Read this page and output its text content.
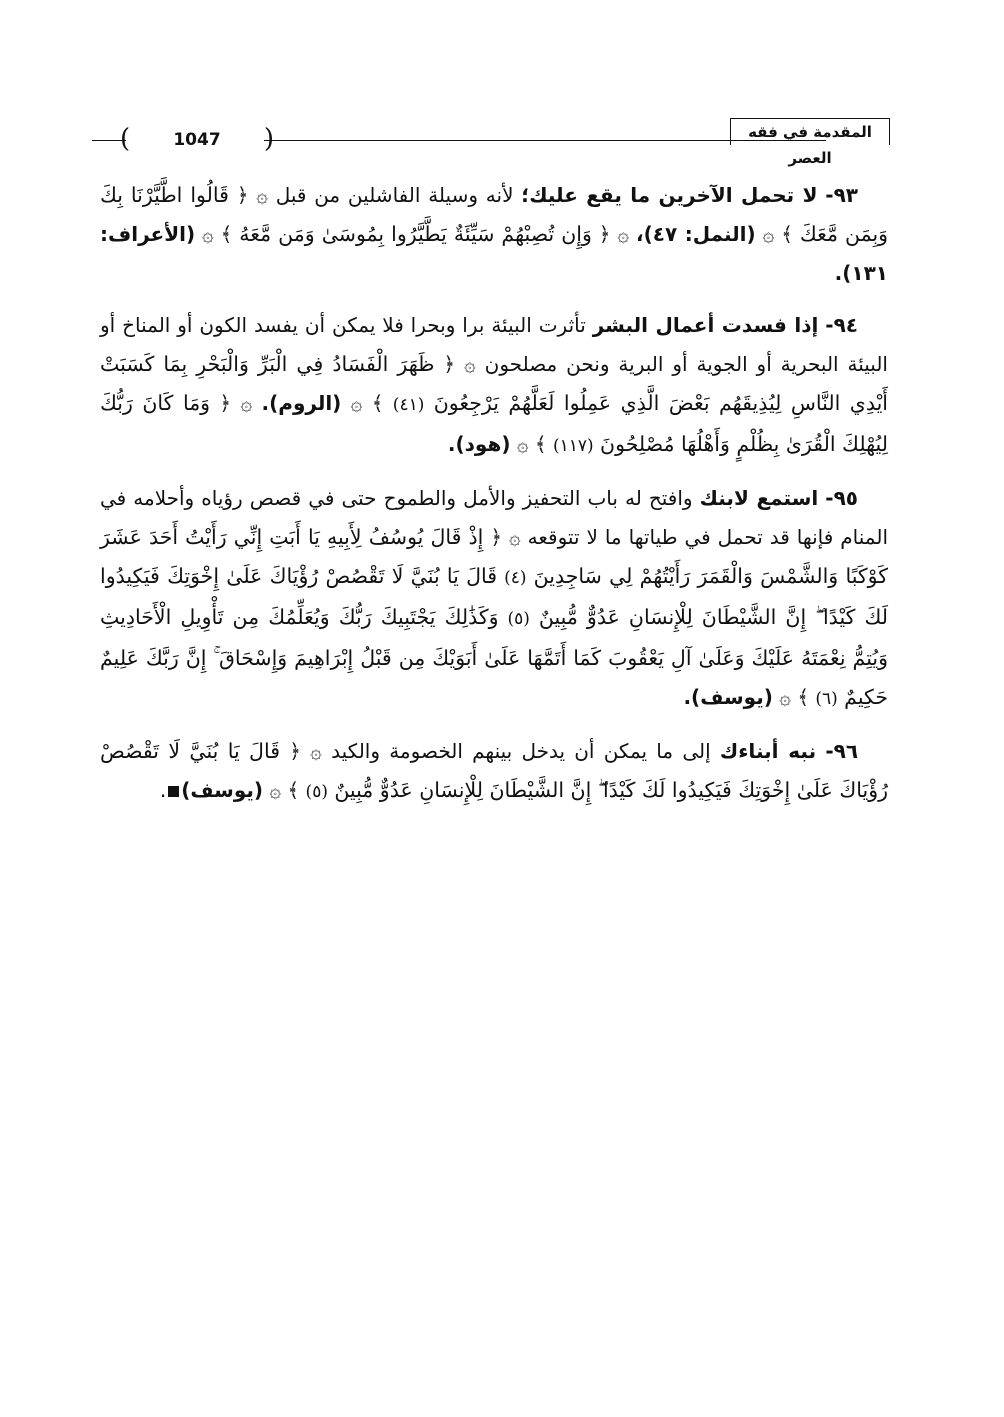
(	1047	)	المقدمة في فقه العصر

٩٣- لا تحمل الآخرين ما يقع عليك؛ لأنه وسيلة الفاشلين من قبل ۞ ﴿ قَالُوا اطَّيَّرْنَا بِكَ وَبِمَن مَّعَكَ ﴾ ۞ (النمل: ٤٧)، ۞ ﴿ وَإِن تُصِبْهُمْ سَيِّئَةٌ يَطَّيَّرُوا بِمُوسَىٰ وَمَن مَّعَهُ ﴾ ۞ (الأعراف: ١٣١).

٩٤- إذا فسدت أعمال البشر تأثرت البيئة برا وبحرا فلا يمكن أن يفسد الكون أو المناخ أو البيئة البحرية أو الجوية أو البرية ونحن مصلحون ۞ ﴿ ظَهَرَ الْفَسَادُ فِي الْبَرِّ وَالْبَحْرِ بِمَا كَسَبَتْ أَيْدِي النَّاسِ لِيُذِيقَهُم بَعْضَ الَّذِي عَمِلُوا لَعَلَّهُمْ يَرْجِعُونَ (٤١) ﴾ ۞ (الروم). ۞ ﴿ وَمَا كَانَ رَبُّكَ لِيُهْلِكَ الْقُرَىٰ بِظُلْمٍ وَأَهْلُهَا مُصْلِحُونَ (١١٧) ﴾ ۞ (هود).

٩٥- استمع لابنك وافتح له باب التحفيز والأمل والطموح حتى في قصص رؤياه وأحلامه في المنام فإنها قد تحمل في طياتها ما لا تتوقعه ۞ ﴿ إِذْ قَالَ يُوسُفُ لِأَبِيهِ يَا أَبَتِ إِنِّي رَأَيْتُ أَحَدَ عَشَرَ كَوْكَبًا وَالشَّمْسَ وَالْقَمَرَ رَأَيْتُهُمْ لِي سَاجِدِينَ (٤) قَالَ يَا بُنَيَّ لَا تَقْصُصْ رُؤْيَاكَ عَلَىٰ إِخْوَتِكَ فَيَكِيدُوا لَكَ كَيْدًا ۖ إِنَّ الشَّيْطَانَ لِلْإِنسَانِ عَدُوٌّ مُّبِينٌ (٥) وَكَذَٰلِكَ يَجْتَبِيكَ رَبُّكَ وَيُعَلِّمُكَ مِن تَأْوِيلِ الْأَحَادِيثِ وَيُتِمُّ نِعْمَتَهُ عَلَيْكَ وَعَلَىٰ آلِ يَعْقُوبَ كَمَا أَتَمَّهَا عَلَىٰ أَبَوَيْكَ مِن قَبْلُ إِبْرَاهِيمَ وَإِسْحَاقَ ۚ إِنَّ رَبَّكَ عَلِيمٌ حَكِيمٌ (٦) ﴾ ۞ (يوسف).

٩٦- نبه أبناءك إلى ما يمكن أن يدخل بينهم الخصومة والكيد ۞ ﴿ قَالَ يَا بُنَيَّ لَا تَقْصُصْ رُؤْيَاكَ عَلَىٰ إِخْوَتِكَ فَيَكِيدُوا لَكَ كَيْدًا ۖ إِنَّ الشَّيْطَانَ لِلْإِنسَانِ عَدُوٌّ مُّبِينٌ (٥) ﴾ ۞ (يوسف).
